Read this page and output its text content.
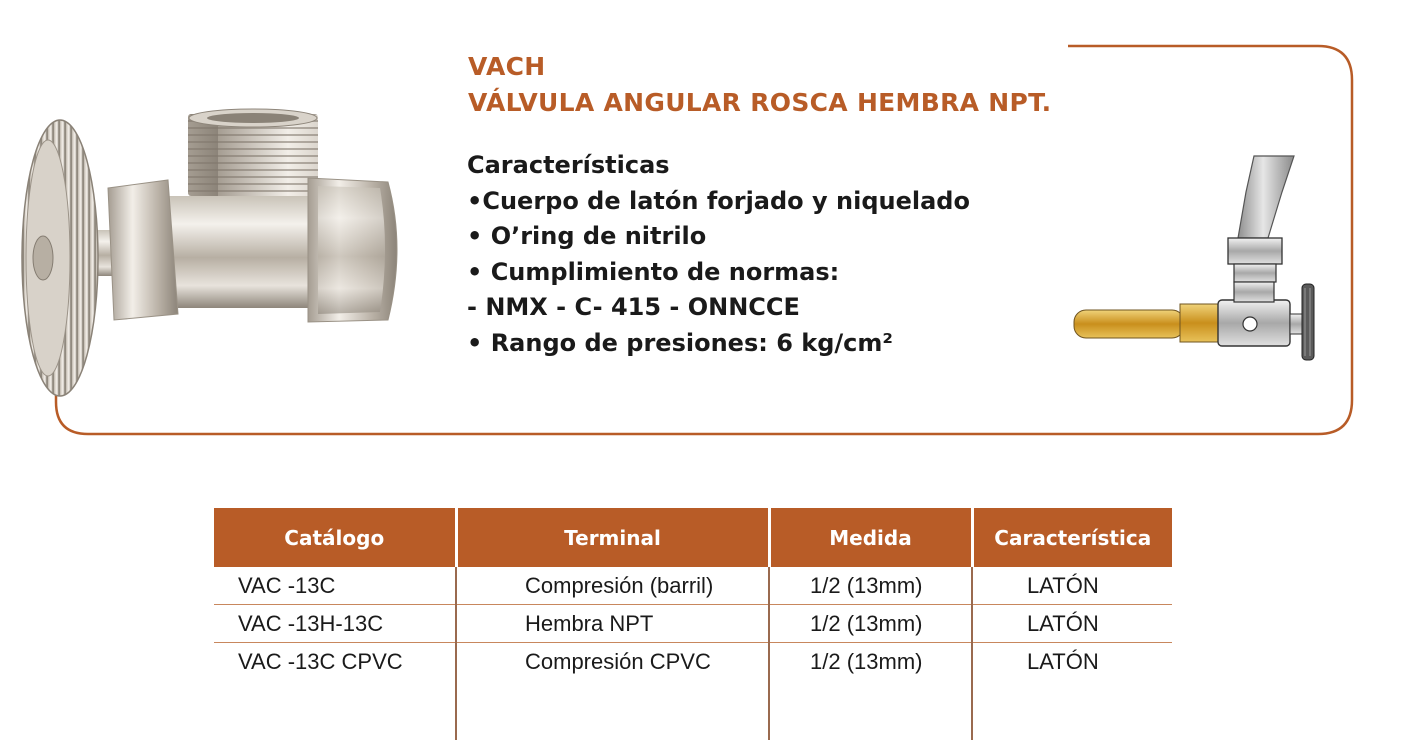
VACH
VÁLVULA ANGULAR ROSCA HEMBRA NPT.
Características
•Cuerpo de latón forjado y niquelado
• O’ring de nitrilo
• Cumplimiento de normas:
- NMX - C- 415 - ONNCCE
• Rango de presiones: 6 kg/cm²
Catálogo	Terminal	Medida	Característica
VAC -13C	Compresión (barril)	1/2 (13mm)	LATÓN
VAC -13H-13C	Hembra NPT	1/2 (13mm)	LATÓN
VAC -13C CPVC	Compresión CPVC	1/2 (13mm)	LATÓN
